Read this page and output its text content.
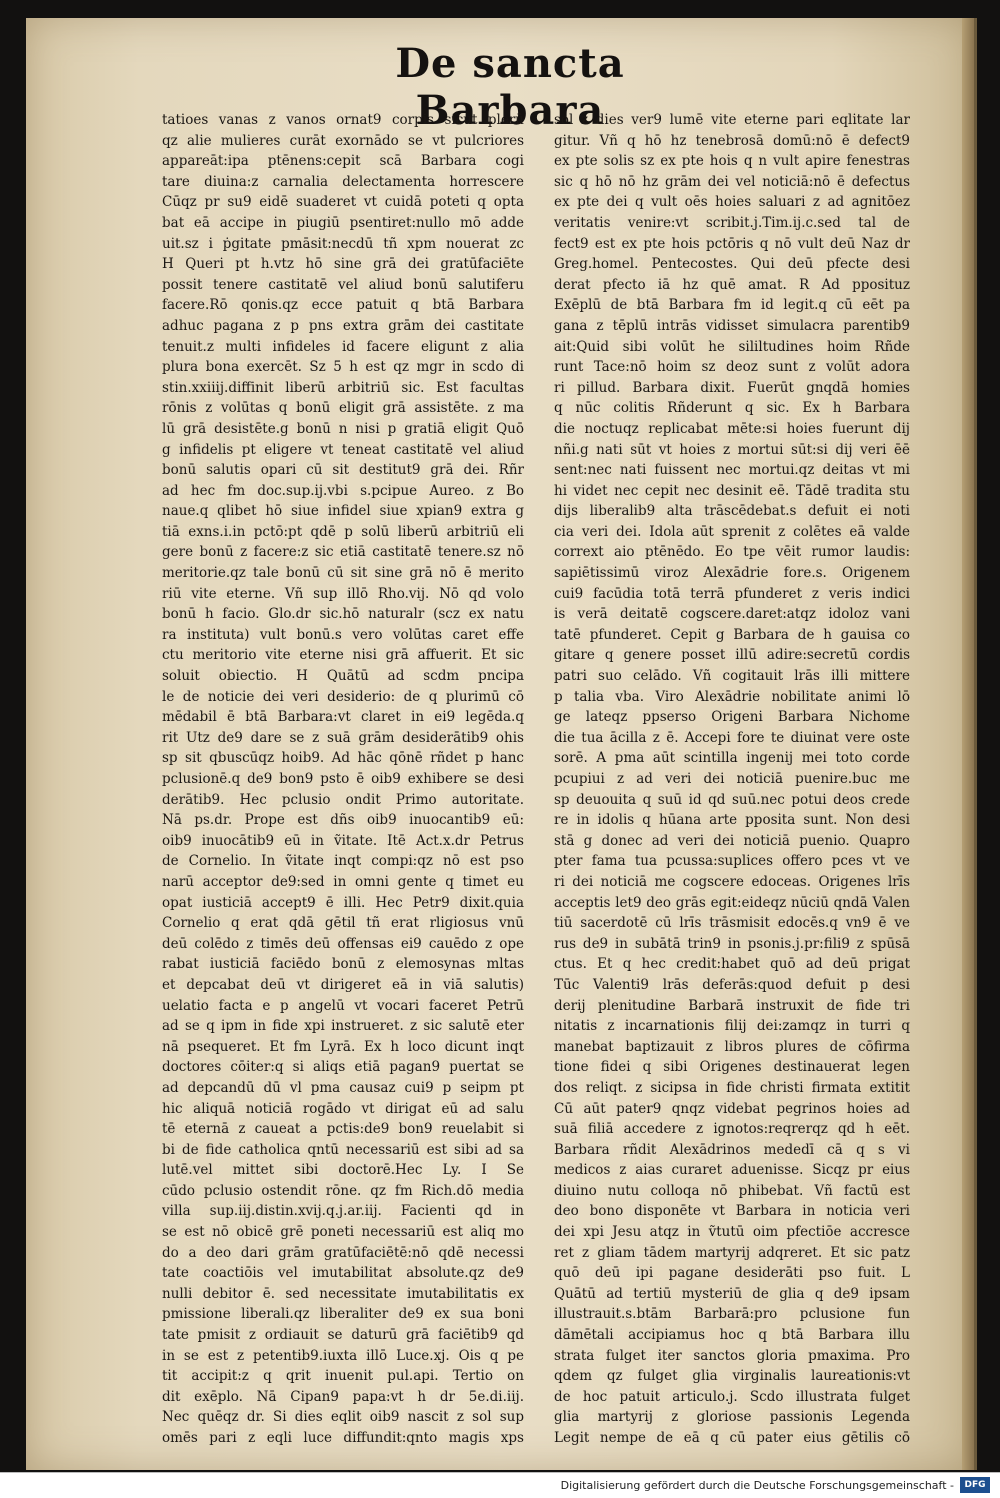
De sancta Barbara
tatioes vanas z vanos ornat9 corpis sicut plerū
qz alie mulieres curāt exornādo se vt pulcriores
appareāt:ipa ptēnens:cepit scā Barbara cogi
tare diuina:z carnalia delectamenta horrescere
Cūqz pr su9 eidē suaderet vt cuidā poteti q opta
bat eā accipe in piugiū psentiret:nullo mō adde
uit.sz i ṗgitate pmāsit:necdū tñ xpm nouerat zc
H Queri pt h.vtz hō sine grā dei gratūfaciēte
possit tenere castitatē vel aliud bonū salutiferu
facere.Rō qonis.qz ecce patuit q btā Barbara
adhuc pagana z p pns extra grām dei castitate
tenuit.z multi infideles id facere eligunt z alia
plura bona exercēt. Sz 5 h est qz mgr in scdo di
stin.xxiiij.diffinit liberū arbitriū sic. Est facultas
rōnis z volūtas q bonū eligit grā assistēte. z ma
lū grā desistēte.g bonū n nisi p gratiā eligit Quō
g infidelis pt eligere vt teneat castitatē vel aliud
bonū salutis opari cū sit destitut9 grā dei. Rñr
ad hec fm doc.sup.ij.vbi s.pcipue Aureo. z Bo
naue.q qlibet hō siue infidel siue xpian9 extra g
tiā exns.i.in pctō:pt qdē p solū liberū arbitriū eli
gere bonū z facere:z sic etiā castitatē tenere.sz nō
meritorie.qz tale bonū cū sit sine grā nō ē merito
riū vite eterne. Vñ sup illō Rho.vij. Nō qd volo
bonū h facio. Glo.dr sic.hō naturalr (scz ex natu
ra instituta) vult bonū.s vero volūtas caret effe
ctu meritorio vite eterne nisi grā affuerit. Et sic
soluit obiectio. H Quātū ad scdm pncipa
le de noticie dei veri desiderio: de q plurimū cō
mēdabil ē btā Barbara:vt claret in ei9 legēda.q
rit Utz de9 dare se z suā grām desiderātib9 ohis
sp sit qbuscūqz hoib9. Ad hāc qōnē rñdet p hanc
pclusionē.q de9 bon9 psto ē oib9 exhibere se desi
derātib9. Hec pclusio ondit Primo autoritate.
Nā ps.dr. Prope est dñs oib9 inuocantib9 eū:
oib9 inuocātib9 eū in ṽitate. Itē Act.x.dr Petrus
de Cornelio. In ṽitate inqt compi:qz nō est pso
narū acceptor de9:sed in omni gente q timet eu
opat iusticiā accept9 ē illi. Hec Petr9 dixit.quia
Cornelio q erat qdā gētil tñ erat rligiosus vnū
deū colēdo z timēs deū offensas ei9 cauēdo z ope
rabat iusticiā faciēdo bonū z elemosynas mltas
et depcabat deū vt dirigeret eā in viā salutis)
uelatio facta e p angelū vt vocari faceret Petrū
ad se q ipm in fide xpi instrueret. z sic salutē eter
nā psequeret. Et fm Lyrā. Ex h loco dicunt inqt
doctores cōiter:q si aliqs etiā pagan9 puertat se
ad depcandū dū vl pma causaz cui9 p seipm pt
hic aliquā noticiā rogādo vt dirigat eū ad salu
tē eternā z caueat a pctis:de9 bon9 reuelabit si
bi de fide catholica qntū necessariū est sibi ad sa
lutē.vel mittet sibi doctorē.Hec Ly. I Se
cūdo pclusio ostendit rōne. qz fm Rich.dō media
villa sup.iij.distin.xvij.q.j.ar.iij. Facienti qd in
se est nō obicē grē poneti necessariū est aliq mo
do a deo dari grām gratūfaciētē:nō qdē necessi
tate coactiōis vel imutabilitat absolute.qz de9
nulli debitor ē. sed necessitate imutabilitatis ex
pmissione liberali.qz liberaliter de9 ex sua boni
tate pmisit z ordiauit se daturū grā faciētib9 qd
in se est z petentib9.iuxta illō Luce.xj. Ois q pe
tit accipit:z q qrit inuenit pul.api. Tertio on
dit exēplo. Nā Cipan9 papa:vt h dr 5e.di.iij.
Nec quēqz dr. Si dies eqlit oib9 nascit z sol sup
omēs pari z eqli luce diffundit:qnto magis xps
sol z dies ver9 lumē vite eterne pari eqlitate lar
gitur. Vñ q hō hz tenebrosā domū:nō ē defect9
ex pte solis sz ex pte hois q n vult apire fenestras
sic q hō nō hz grām dei vel noticiā:nō ē defectus
ex pte dei q vult oēs hoies saluari z ad agnitōez
veritatis venire:vt scribit.j.Tim.ij.c.sed tal de
fect9 est ex pte hois pctōris q nō vult deū Naz dr
Greg.homel. Pentecostes. Qui deū pfecte desi
derat pfecto iā hz quē amat. R Ad pposituz
Exēplū de btā Barbara fm id legit.q cū eēt pa
gana z tēplū intrās vidisset simulacra parentib9
ait:Quid sibi volūt he sililtudines hoim Rñde
runt Tace:nō hoim sz deoz sunt z volūt adora
ri pillud. Barbara dixit. Fuerūt gnqdā homies
q nūc colitis Rñderunt q sic. Ex h Barbara
die noctuqz replicabat mēte:si hoies fuerunt dij
nñi.g nati sūt vt hoies z mortui sūt:si dij veri ēē
sent:nec nati fuissent nec mortui.qz deitas vt mi
hi videt nec cepit nec desinit eē. Tādē tradita stu
dijs liberalib9 alta trāscēdebat.s defuit ei noti
cia veri dei. Idola aūt sprenit z colētes eā valde
corrext aio ptēnēdo. Eo tpe vēit rumor laudis:
sapiētissimū viroz Alexādrie fore.s. Origenem
cui9 facūdia totā terrā pfunderet z veris indici
is verā deitatē cogscere.daret:atqz idoloz vani
tatē pfunderet. Cepit g Barbara de h gauisa co
gitare q genere posset illū adire:secretū cordis
patri suo celādo. Vñ cogitauit lrās illi mittere
p talia vba. Viro Alexādrie nobilitate animi lō
ge lateqz ppserso Origeni Barbara Nichome
die tua ācilla z ē. Accepi fore te diuinat vere oste
sorē. A pma aūt scintilla ingenij mei toto corde
pcupiui z ad veri dei noticiā puenire.buc me
sp deuouita q suū id qd suū.nec potui deos crede
re in idolis q hūana arte pposita sunt. Non desi
stā g donec ad veri dei noticiā puenio. Quapro
pter fama tua pcussa:suplices offero pces vt ve
ri dei noticiā me cogscere edoceas. Origenes lrīs
acceptis let9 deo grās egit:eideqz nūciū qndā Valen
tiū sacerdotē cū lrīs trāsmisit edocēs.q vn9 ē ve
rus de9 in subātā trin9 in psonis.j.pr:fili9 z spūsā
ctus. Et q hec credit:habet quō ad deū prigat
Tūc Valenti9 lrās deferās:quod defuit p desi
derij plenitudine Barbarā instruxit de fide tri
nitatis z incarnationis filij dei:zamqz in turri q
manebat baptizauit z libros plures de cōfirma
tione fidei q sibi Origenes destinauerat legen
dos reliqt. z sicipsa in fide christi firmata extitit
Cū aūt pater9 qnqz videbat pegrinos hoies ad
suā filiā accedere z ignotos:reqrerqz qd h eēt.
Barbara rñdit Alexādrinos mededī cā q s vi
medicos z aias curaret aduenisse. Sicqz pr eius
diuino nutu colloqa nō phibebat. Vñ factū est
deo bono disponēte vt Barbara in noticia veri
dei xpi Jesu atqz in ṽtutū oim pfectiōe accresce
ret z gliam tādem martyrij adqreret. Et sic patz
quō deū ipi pagane desiderāti pso fuit. L
Quātū ad tertiū mysteriū de glia q de9 ipsam
illustrauit.s.btām Barbarā:pro pclusione fun
dāmētali accipiamus hoc q btā Barbara illu
strata fulget iter sanctos gloria pmaxima. Pro
qdem qz fulget glia virginalis laureationis:vt
de hoc patuit articulo.j. Scdo illustrata fulget
glia martyrij z gloriose passionis Legenda
Legit nempe de eā q cū pater eius gētilis cō
Digitalisierung gefördert durch die Deutsche Forschungsgemeinschaft -	DFG
